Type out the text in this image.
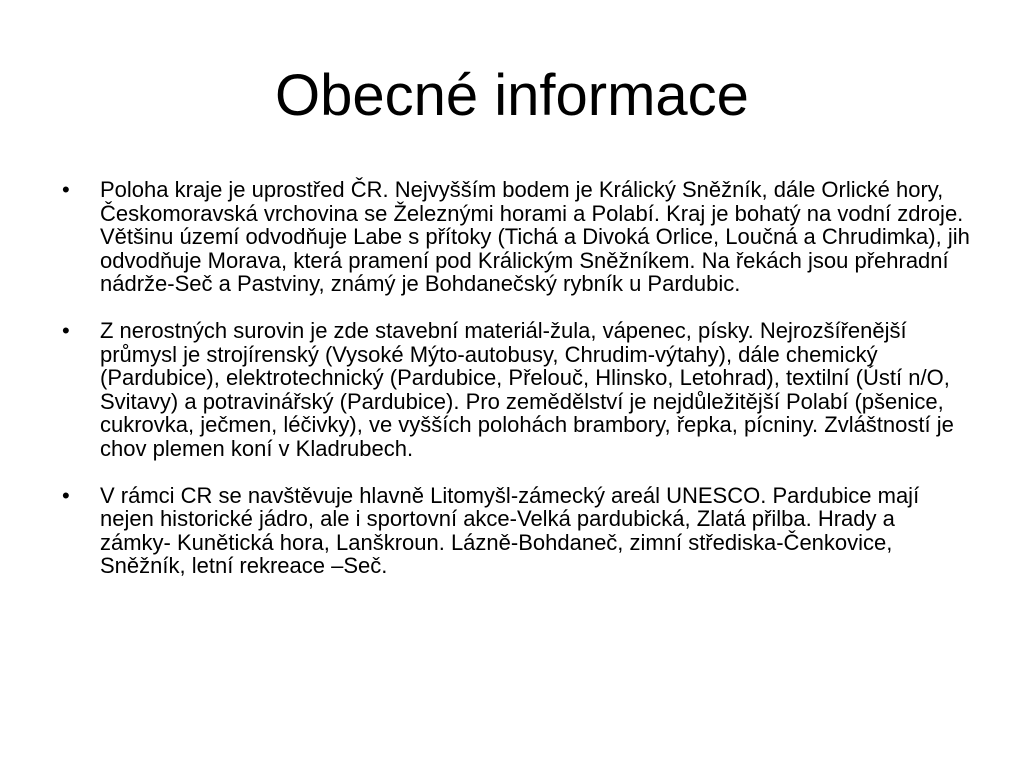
Obecné informace
• Poloha kraje je uprostřed ČR. Nejvyšším bodem je Králický Sněžník, dále Orlické hory, Českomoravská vrchovina se Železnými horami a Polabí. Kraj je bohatý na vodní zdroje. Většinu území odvodňuje Labe s přítoky (Tichá a Divoká Orlice, Loučná a Chrudimka), jih odvodňuje Morava, která pramení pod Králickým Sněžníkem. Na řekách jsou přehradní nádrže-Seč a Pastviny, známý je Bohdanečský rybník u Pardubic.
• Z nerostných surovin je zde stavební materiál-žula, vápenec, písky. Nejrozšířenější průmysl je strojírenský (Vysoké Mýto-autobusy, Chrudim-výtahy), dále chemický (Pardubice), elektrotechnický (Pardubice, Přelouč, Hlinsko, Letohrad), textilní (Ústí n/O, Svitavy) a potravinářský (Pardubice). Pro zemědělství je nejdůležitější Polabí (pšenice, cukrovka, ječmen, léčivky), ve vyšších polohách brambory, řepka, pícniny. Zvláštností je chov plemen koní v Kladrubech.
• V rámci CR se navštěvuje hlavně Litomyšl-zámecký areál UNESCO. Pardubice mají nejen historické jádro, ale i sportovní akce-Velká pardubická, Zlatá přilba. Hrady a zámky- Kunětická hora, Lanškroun. Lázně-Bohdaneč, zimní střediska-Čenkovice, Sněžník, letní rekreace –Seč.
